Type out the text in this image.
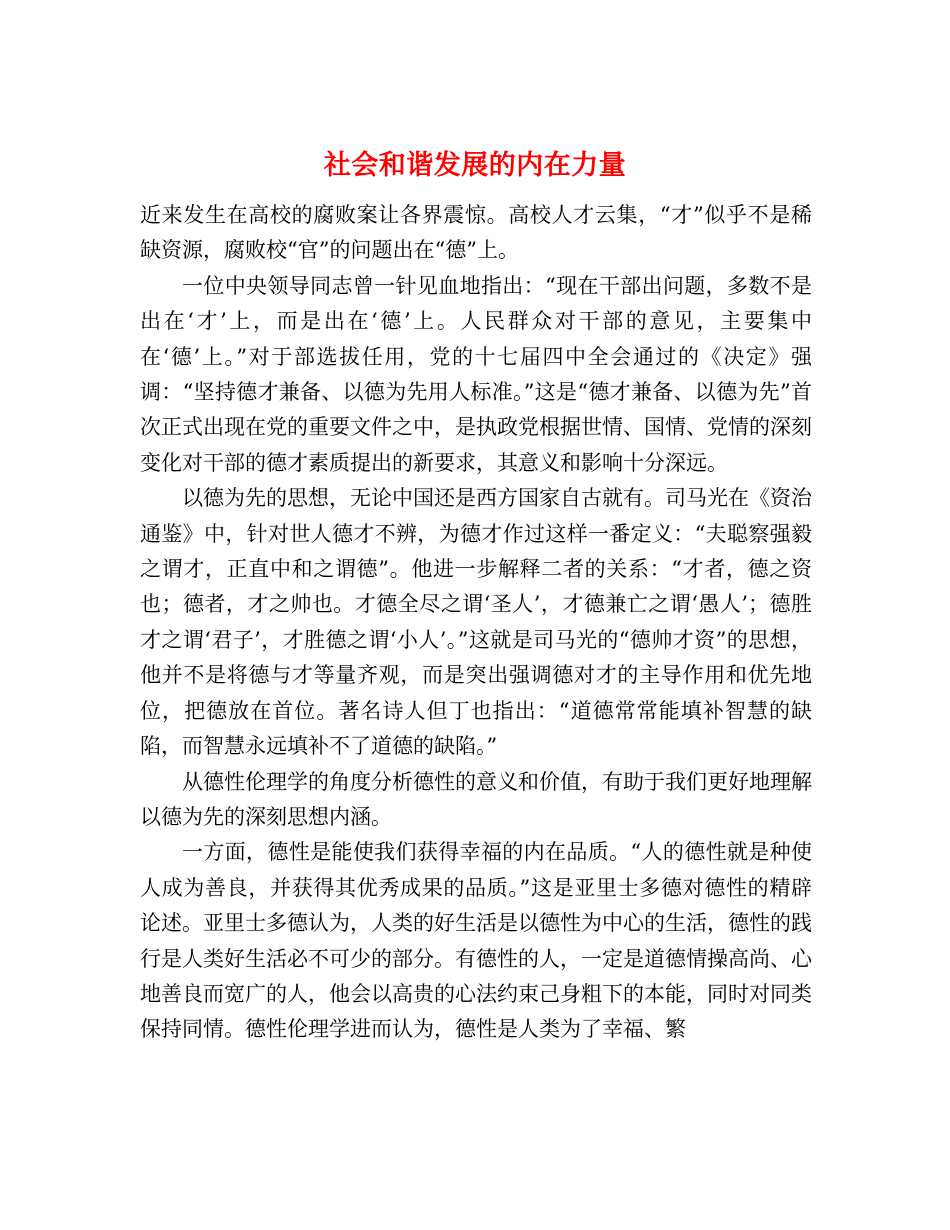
社会和谐发展的内在力量

近来发生在高校的腐败案让各界震惊。高校人才云集，“才”似乎不是稀缺资源，腐败校“官”的问题出在“德”上。

一位中央领导同志曾一针见血地指出：“现在干部出问题，多数不是出在‘才’上，而是出在‘德’上。人民群众对干部的意见，主要集中在‘德’上。”对于部选拔任用，党的十七届四中全会通过的《决定》强调：“坚持德才兼备、以德为先用人标准。”这是“德才兼备、以德为先”首次正式出现在党的重要文件之中，是执政党根据世情、国情、党情的深刻变化对干部的德才素质提出的新要求，其意义和影响十分深远。

以德为先的思想，无论中国还是西方国家自古就有。司马光在《资治通鉴》中，针对世人德才不辨，为德才作过这样一番定义：“夫聪察强毅之谓才，正直中和之谓德”。他进一步解释二者的关系：“才者，德之资也；德者，才之帅也。才德全尽之谓‘圣人’，才德兼亡之谓‘愚人’；德胜才之谓‘君子’，才胜德之谓‘小人’。”这就是司马光的“德帅才资”的思想，他并不是将德与才等量齐观，而是突出强调德对才的主导作用和优先地位，把德放在首位。著名诗人但丁也指出：“道德常常能填补智慧的缺陷，而智慧永远填补不了道德的缺陷。”

从德性伦理学的角度分析德性的意义和价值，有助于我们更好地理解以德为先的深刻思想内涵。

一方面，德性是能使我们获得幸福的内在品质。“人的德性就是种使人成为善良，并获得其优秀成果的品质。”这是亚里士多德对德性的精辟论述。亚里士多德认为，人类的好生活是以德性为中心的生活，德性的践行是人类好生活必不可少的部分。有德性的人，一定是道德情操高尚、心地善良而宽广的人，他会以高贵的心法约束己身粗下的本能，同时对同类保持同情。德性伦理学进而认为，德性是人类为了幸福、繁
